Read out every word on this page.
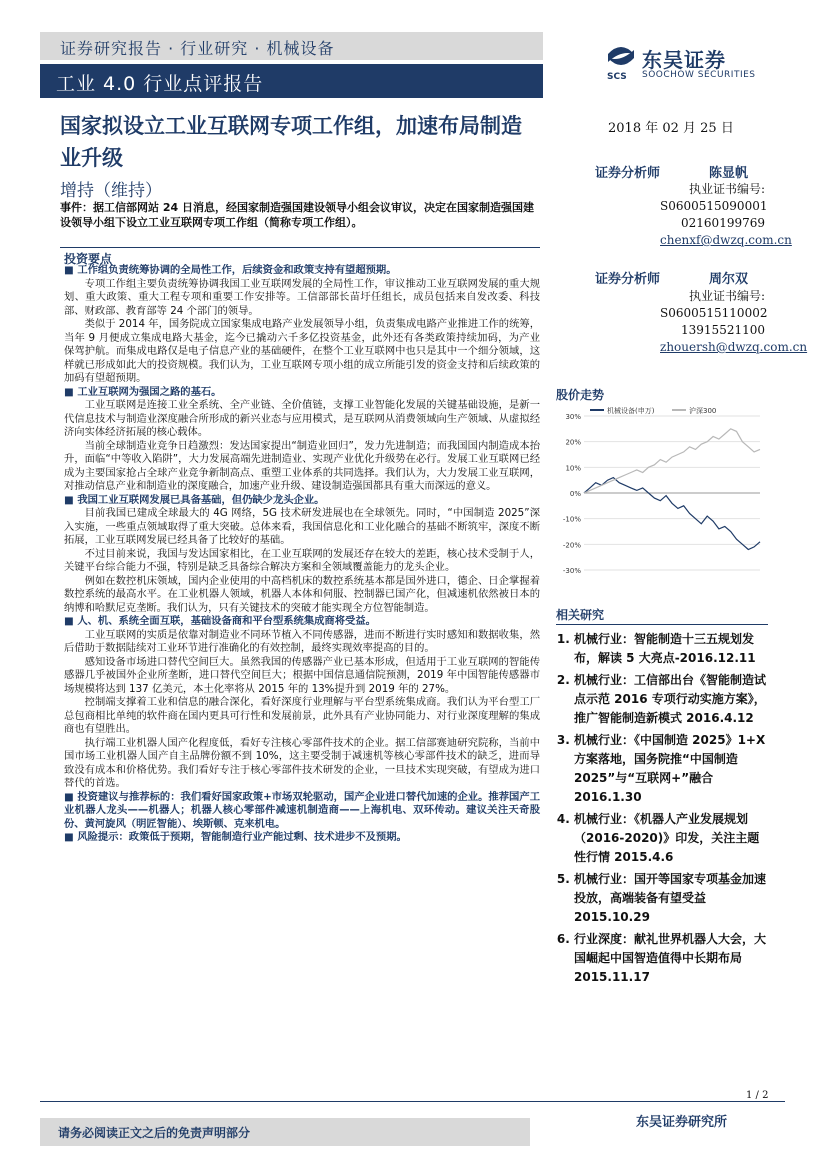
证券研究报告 · 行业研究 · 机械设备
工业 4.0 行业点评报告	SCS
东吴证券
SOOCHOW SECURITIES
国家拟设立工业互联网专项工作组，加速布局制造业升级
增持（维持）
2018 年 02 月 25 日
事件：据工信部网站 24 日消息，经国家制造强国建设领导小组会议审议，决定在国家制造强国建设领导小组下设立工业互联网专项工作组（简称专项工作组）。
投资要点

■ 工作组负责统筹协调的全局性工作，后续资金和政策支持有望超预期。

专项工作组主要负责统筹协调我国工业互联网发展的全局性工作，审议推动工业互联网发展的重大规划、重大政策、重大工程专项和重要工作安排等。工信部部长苗圩任组长，成员包括来自发改委、科技部、财政部、教育部等 24 个部门的领导。

类似于 2014 年，国务院成立国家集成电路产业发展领导小组，负责集成电路产业推进工作的统筹，当年 9 月便成立集成电路大基金，迄今已撬动六千多亿投资基金，此外还有各类政策持续加码，为产业保驾护航。而集成电路仅是电子信息产业的基础硬件，在整个工业互联网中也只是其中一个细分领域，这样就已形成如此大的投资规模。我们认为，工业互联网专项小组的成立所能引发的资金支持和后续政策的加码有望超预期。

■ 工业互联网为强国之路的基石。

工业互联网是连接工业全系统、全产业链、全价值链，支撑工业智能化发展的关键基础设施，是新一代信息技术与制造业深度融合所形成的新兴业态与应用模式，是互联网从消费领域向生产领域、从虚拟经济向实体经济拓展的核心载体。

当前全球制造业竞争日趋激烈：发达国家提出“制造业回归”，发力先进制造；而我国国内制造成本抬升，面临“中等收入陷阱”，大力发展高端先进制造业、实现产业优化升级势在必行。发展工业互联网已经成为主要国家抢占全球产业竞争新制高点、重塑工业体系的共同选择。我们认为，大力发展工业互联网，对推动信息产业和制造业的深度融合，加速产业升级、建设制造强国都具有重大而深远的意义。

■ 我国工业互联网发展已具备基础，但仍缺少龙头企业。

目前我国已建成全球最大的 4G 网络，5G 技术研发进展也在全球领先。同时，“中国制造 2025”深入实施，一些重点领域取得了重大突破。总体来看，我国信息化和工业化融合的基础不断筑牢，深度不断拓展，工业互联网发展已经具备了比较好的基础。

不过目前来说，我国与发达国家相比，在工业互联网的发展还存在较大的差距，核心技术受制于人，关键平台综合能力不强，特别是缺乏具备综合解决方案和全领域覆盖能力的龙头企业。

例如在数控机床领域，国内企业使用的中高档机床的数控系统基本都是国外进口，德企、日企掌握着数控系统的最高水平。在工业机器人领域，机器人本体和伺服、控制器已国产化，但减速机依然被日本的纳博和哈默尼克垄断。我们认为，只有关键技术的突破才能实现全方位智能制造。

■ 人、机、系统全面互联，基础设备商和平台型系统集成商将受益。

工业互联网的实质是依靠对制造业不同环节植入不同传感器，进而不断进行实时感知和数据收集，然后借助于数据陆续对工业环节进行准确化的有效控制，最终实现效率提高的目的。

感知设备市场进口替代空间巨大。虽然我国的传感器产业已基本形成，但适用于工业互联网的智能传感器几乎被国外企业所垄断，进口替代空间巨大；根据中国信息通信院预测，2019 年中国智能传感器市场规模将达到 137 亿美元，本土化率将从 2015 年的 13%提升到 2019 年的 27%。

控制端支撑着工业和信息的融合深化，看好深度行业理解与平台型系统集成商。我们认为平台型工厂总包商相比单纯的软件商在国内更具可行性和发展前景，此外具有产业协同能力、对行业深度理解的集成商也有望胜出。

执行端工业机器人国产化程度低，看好专注核心零部件技术的企业。据工信部赛迪研究院称，当前中国市场工业机器人国产自主品牌份额不到 10%，这主要受制于减速机等核心零部件技术的缺乏，进而导致没有成本和价格优势。我们看好专注于核心零部件技术研发的企业，一旦技术实现突破，有望成为进口替代的首选。

■ 投资建议与推荐标的：我们看好国家政策+市场双轮驱动，国产企业进口替代加速的企业。推荐国产工业机器人龙头——机器人；机器人核心零部件减速机制造商——上海机电、双环传动。建议关注天奇股份、黄河旋风（明匠智能）、埃斯顿、克来机电。

■ 风险提示：政策低于预期，智能制造行业产能过剩、技术进步不及预期。

证券分析师	陈显帆
执业证书编号:
S0600515090001
02160199769
chenxf@dwzq.com.cn
证券分析师	周尔双
执业证书编号:
S0600515110002
13915521100
zhouersh@dwzq.com.cn
股价走势
30%
20%
10%
0%
-10%
-20%
-30%
机械设备(申万)	沪深300
相关研究
1. 机械行业：智能制造十三五规划发布，解读 5 大亮点-2016.12.11
2. 机械行业：工信部出台《智能制造试点示范 2016 专项行动实施方案》，推广智能制造新模式 2016.4.12
3. 机械行业：《中国制造 2025》1+X 方案落地，国务院推“中国制造 2025”与“互联网+”融合 2016.1.30
4. 机械行业：《机器人产业发展规划（2016-2020)》印发，关注主题性行情 2015.4.6
5. 机械行业：国开等国家专项基金加速投放，高端装备有望受益 2015.10.29
6. 行业深度：献礼世界机器人大会，大国崛起中国智造值得中长期布局 2015.11.17
1 / 2
请务必阅读正文之后的免责声明部分
东吴证券研究所
